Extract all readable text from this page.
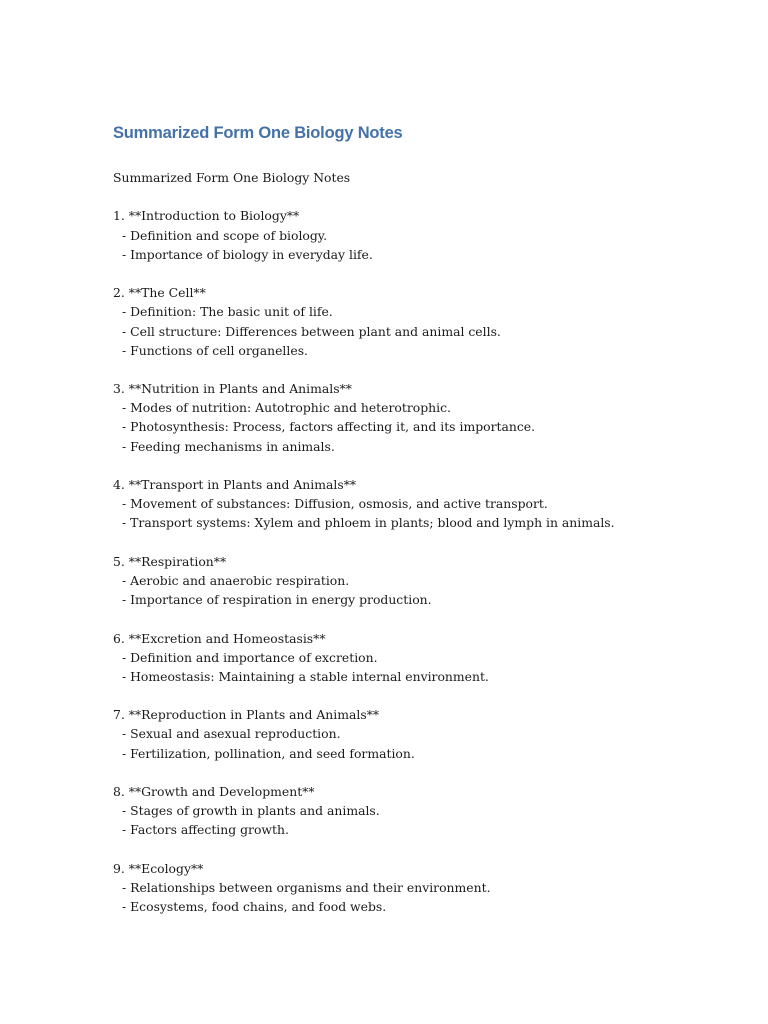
Summarized Form One Biology Notes
Summarized Form One Biology Notes
1. **Introduction to Biology**
- Definition and scope of biology.
- Importance of biology in everyday life.
2. **The Cell**
- Definition: The basic unit of life.
- Cell structure: Differences between plant and animal cells.
- Functions of cell organelles.
3. **Nutrition in Plants and Animals**
- Modes of nutrition: Autotrophic and heterotrophic.
- Photosynthesis: Process, factors affecting it, and its importance.
- Feeding mechanisms in animals.
4. **Transport in Plants and Animals**
- Movement of substances: Diffusion, osmosis, and active transport.
- Transport systems: Xylem and phloem in plants; blood and lymph in animals.
5. **Respiration**
- Aerobic and anaerobic respiration.
- Importance of respiration in energy production.
6. **Excretion and Homeostasis**
- Definition and importance of excretion.
- Homeostasis: Maintaining a stable internal environment.
7. **Reproduction in Plants and Animals**
- Sexual and asexual reproduction.
- Fertilization, pollination, and seed formation.
8. **Growth and Development**
- Stages of growth in plants and animals.
- Factors affecting growth.
9. **Ecology**
- Relationships between organisms and their environment.
- Ecosystems, food chains, and food webs.
